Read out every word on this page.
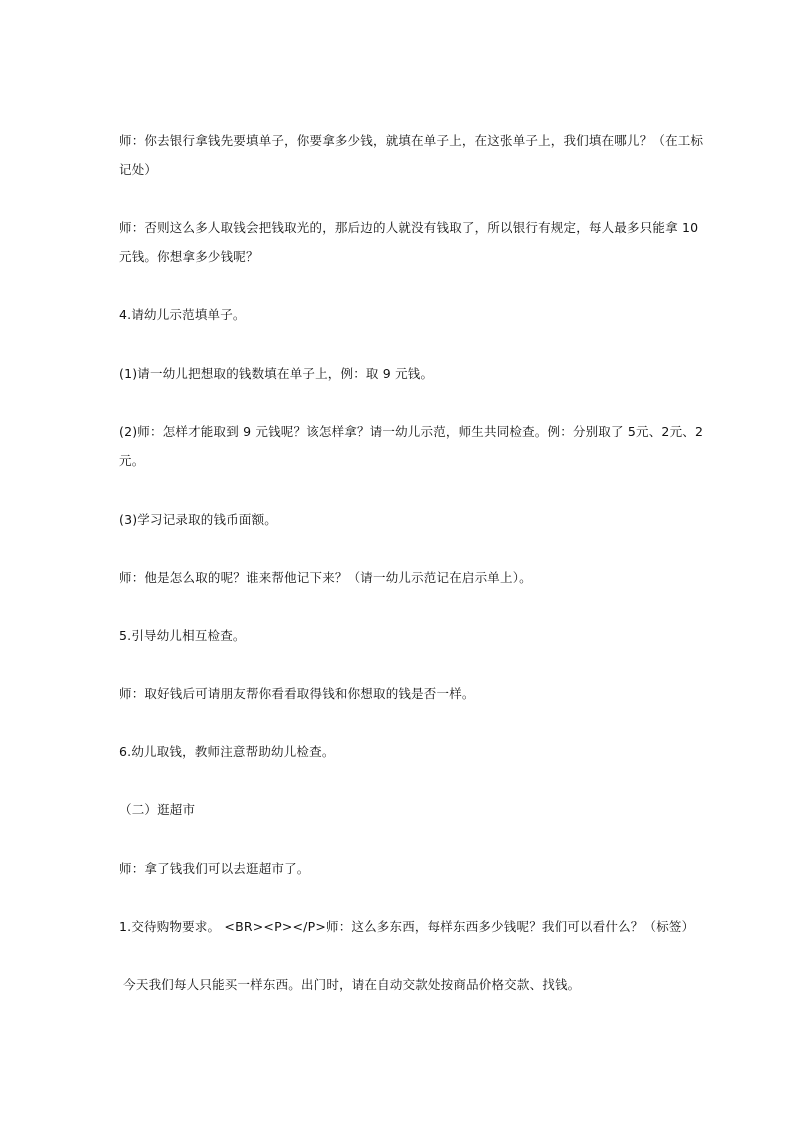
师：你去银行拿钱先要填单子，你要拿多少钱，就填在单子上，在这张单子上，我们填在哪儿？（在工标
记处）

师：否则这么多人取钱会把钱取光的，那后边的人就没有钱取了，所以银行有规定，每人最多只能拿 10
元钱。你想拿多少钱呢？

4.请幼儿示范填单子。

(1)请一幼儿把想取的钱数填在单子上，例：取 9 元钱。

(2)师：怎样才能取到 9 元钱呢？该怎样拿？请一幼儿示范，师生共同检查。例：分别取了 5元、2元、2
元。

(3)学习记录取的钱币面额。

师：他是怎么取的呢？谁来帮他记下来？（请一幼儿示范记在启示单上）。

5.引导幼儿相互检查。

师：取好钱后可请朋友帮你看看取得钱和你想取的钱是否一样。

6.幼儿取钱，教师注意帮助幼儿检查。

（二）逛超市

师：拿了钱我们可以去逛超市了。

1.交待购物要求。 <BR><P></P>师：这么多东西，每样东西多少钱呢？我们可以看什么？（标签）

今天我们每人只能买一样东西。出门时，请在自动交款处按商品价格交款、找钱。
